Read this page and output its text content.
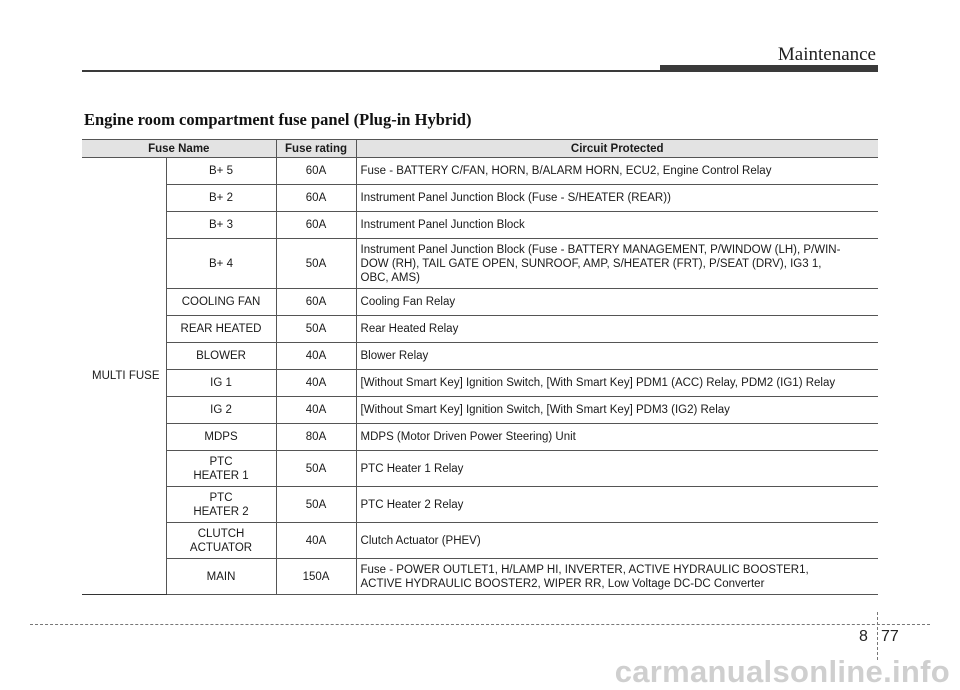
Maintenance
Engine room compartment fuse panel (Plug-in Hybrid)
Fuse Name		Fuse rating	Circuit Protected
MULTI FUSE	B+ 5	60A	Fuse - BATTERY C/FAN, HORN, B/ALARM HORN, ECU2, Engine Control Relay
	B+ 2	60A	Instrument Panel Junction Block (Fuse - S/HEATER (REAR))
	B+ 3	60A	Instrument Panel Junction Block
	B+ 4	50A	Instrument Panel Junction Block (Fuse - BATTERY MANAGEMENT, P/WINDOW (LH), P/WIN-
DOW (RH), TAIL GATE OPEN, SUNROOF, AMP, S/HEATER (FRT), P/SEAT (DRV), IG3 1,
OBC, AMS)
	COOLING FAN	60A	Cooling Fan Relay
	REAR HEATED	50A	Rear Heated Relay
	BLOWER	40A	Blower Relay
	IG 1	40A	[Without Smart Key] Ignition Switch, [With Smart Key] PDM1 (ACC) Relay, PDM2 (IG1) Relay
	IG 2	40A	[Without Smart Key] Ignition Switch, [With Smart Key] PDM3 (IG2) Relay
	MDPS	80A	MDPS (Motor Driven Power Steering) Unit
	PTC
HEATER 1	50A	PTC Heater 1 Relay
	PTC
HEATER 2	50A	PTC Heater 2 Relay
	CLUTCH
ACTUATOR	40A	Clutch Actuator (PHEV)
	MAIN	150A	Fuse - POWER OUTLET1, H/LAMP HI, INVERTER, ACTIVE HYDRAULIC BOOSTER1,
ACTIVE HYDRAULIC BOOSTER2, WIPER RR, Low Voltage DC-DC Converter
8 77
carmanualsonline.info
